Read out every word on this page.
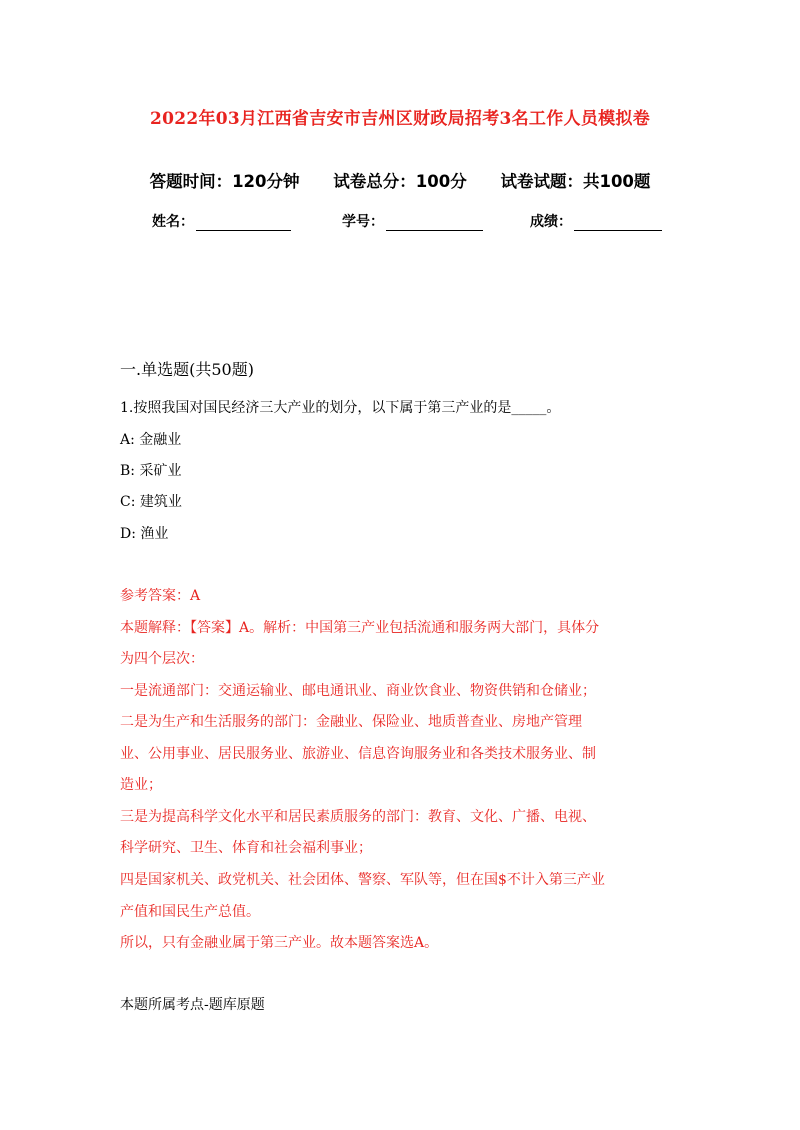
2022年03月江西省吉安市吉州区财政局招考3名工作人员模拟卷
答题时间：120分钟 试卷总分：100分 试卷试题：共100题
姓名：	学号：	成绩：
一.单选题(共50题)
1.按照我国对国民经济三大产业的划分，以下属于第三产业的是_____。
A: 金融业
B: 采矿业
C: 建筑业
D: 渔业
参考答案：A
本题解释：【答案】A。解析：中国第三产业包括流通和服务两大部门，具体分
为四个层次：
一是流通部门：交通运输业、邮电通讯业、商业饮食业、物资供销和仓储业；
二是为生产和生活服务的部门：金融业、保险业、地质普查业、房地产管理
业、公用事业、居民服务业、旅游业、信息咨询服务业和各类技术服务业、制
造业；
三是为提高科学文化水平和居民素质服务的部门：教育、文化、广播、电视、
科学研究、卫生、体育和社会福利事业；
四是国家机关、政党机关、社会团体、警察、军队等，但在国$不计入第三产业
产值和国民生产总值。
所以，只有金融业属于第三产业。故本题答案选A。
本题所属考点-题库原题
